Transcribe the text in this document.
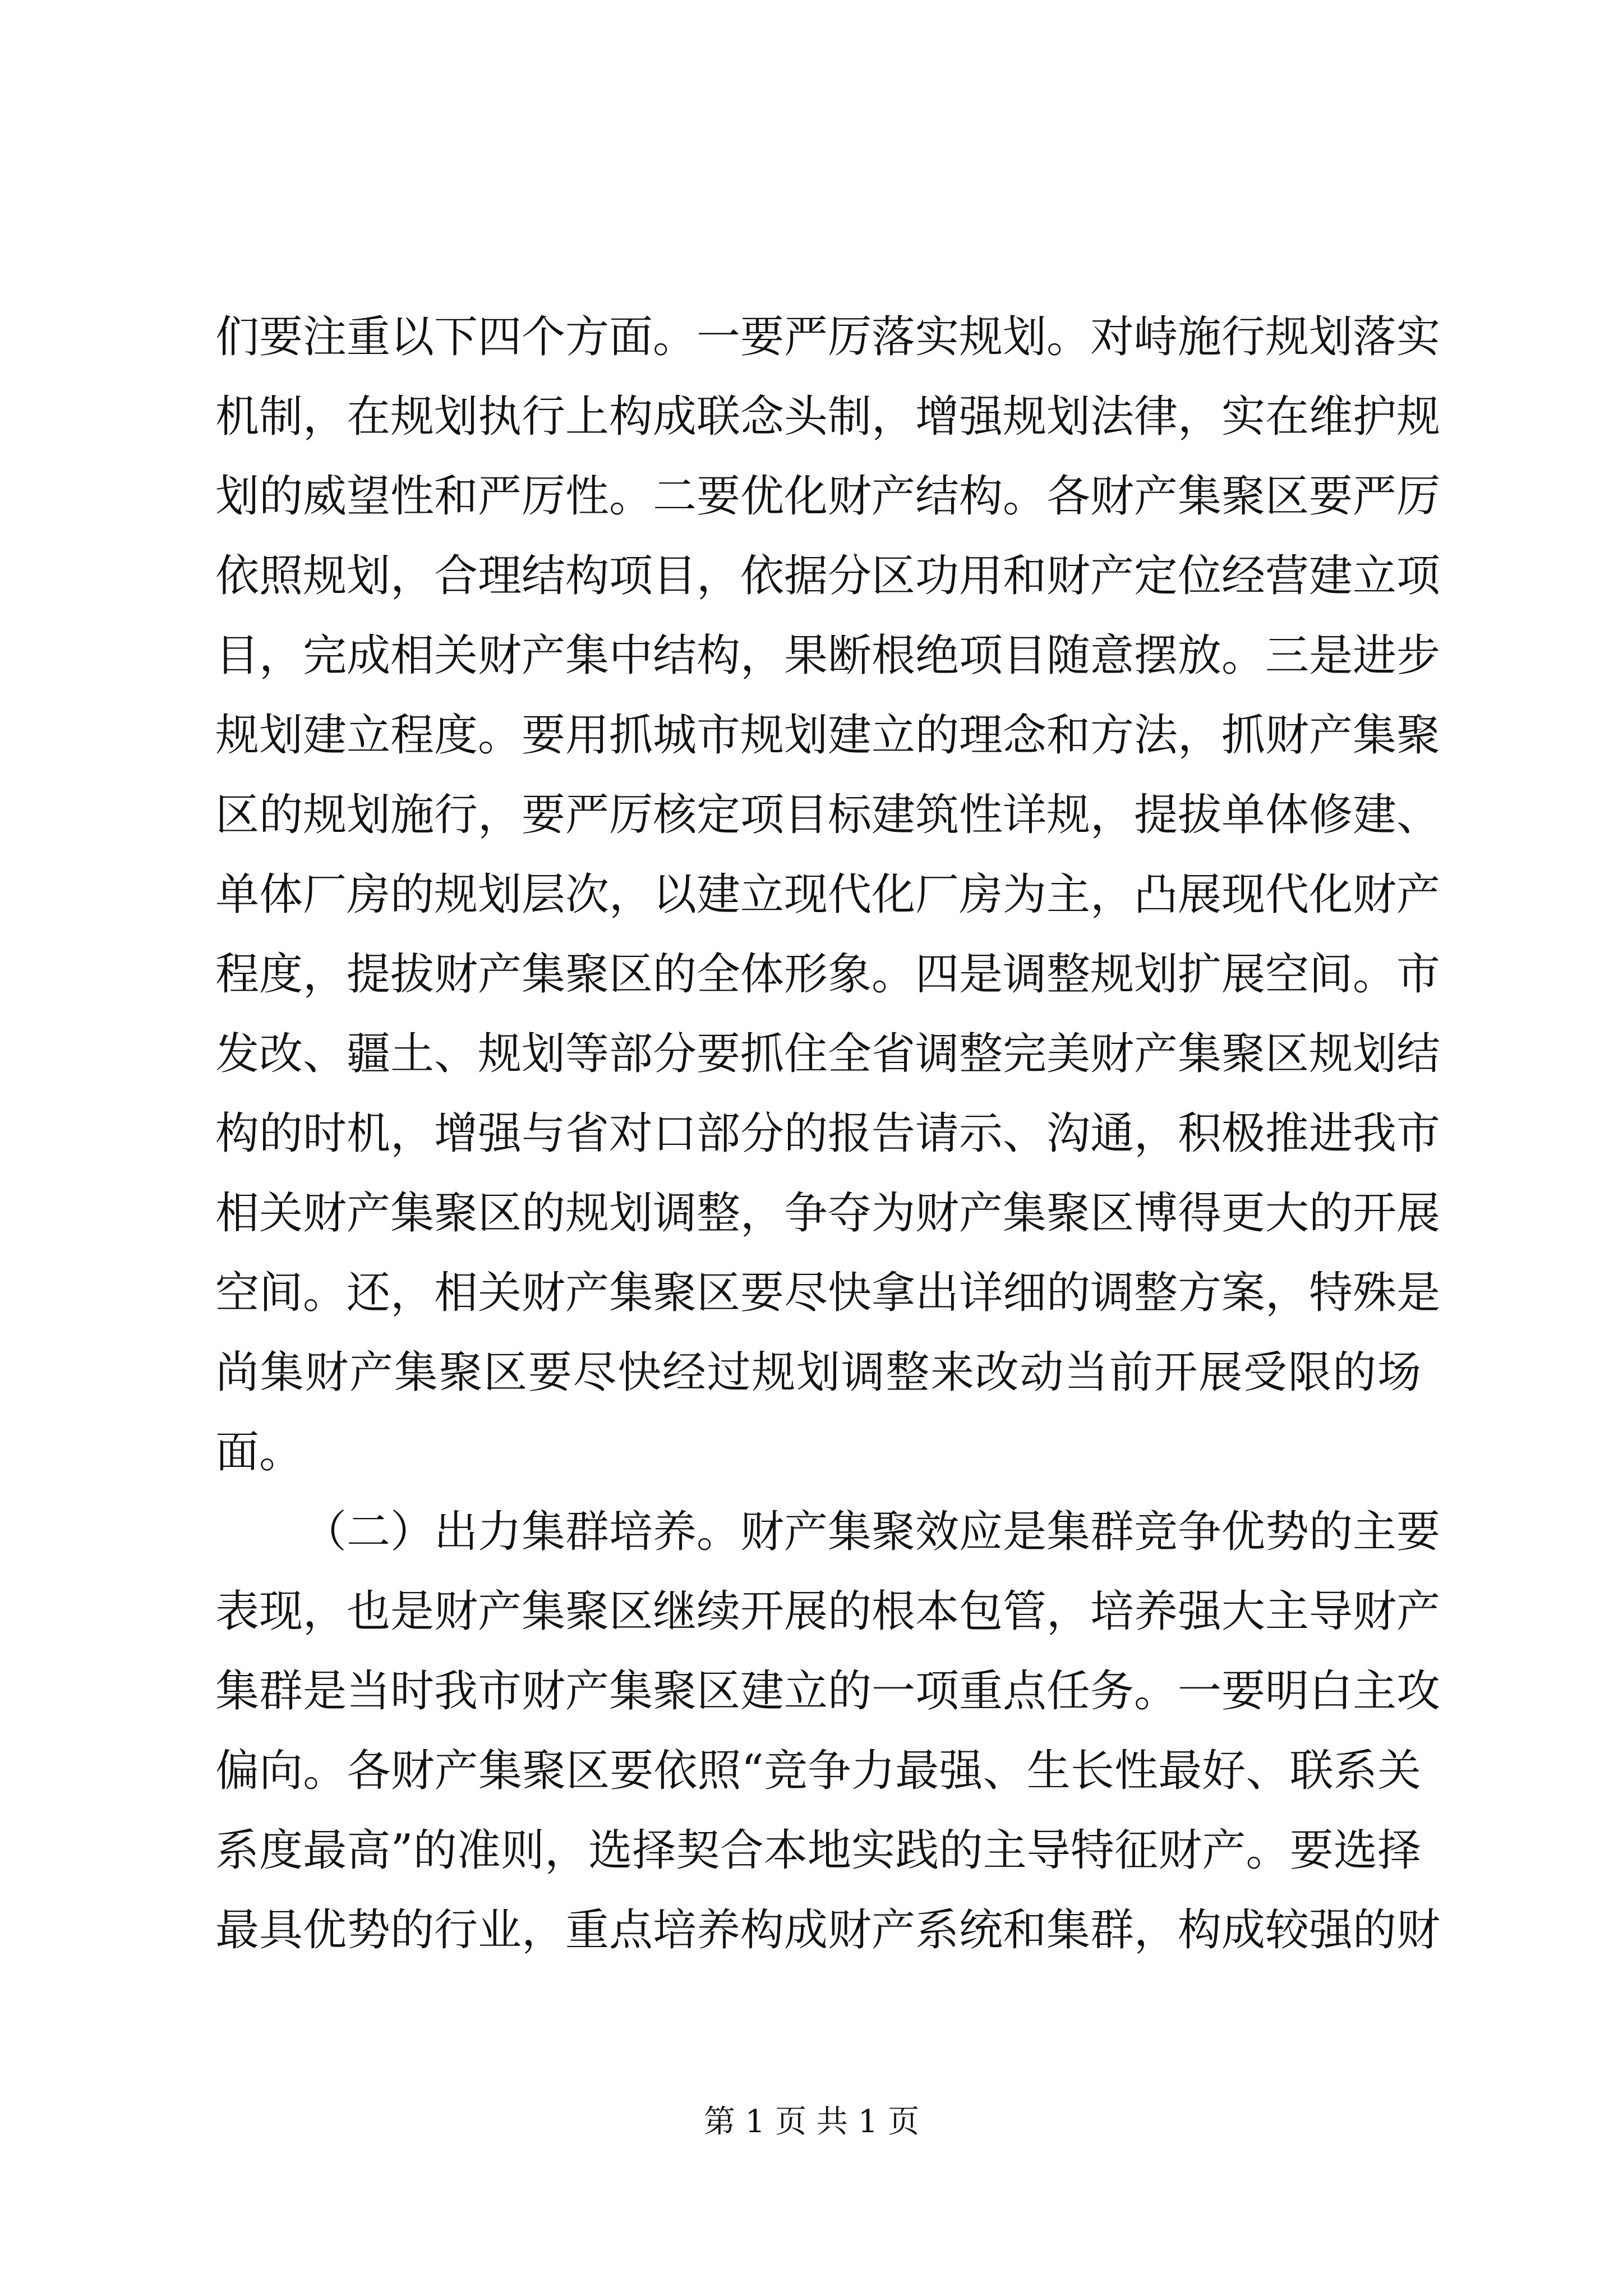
们要注重以下四个方面。一要严厉落实规划。对峙施行规划落实
机制，在规划执行上构成联念头制，增强规划法律，实在维护规
划的威望性和严厉性。二要优化财产结构。各财产集聚区要严厉
依照规划，合理结构项目，依据分区功用和财产定位经营建立项
目，完成相关财产集中结构，果断根绝项目随意摆放。三是进步
规划建立程度。要用抓城市规划建立的理念和方法，抓财产集聚
区的规划施行，要严厉核定项目标建筑性详规，提拔单体修建、
单体厂房的规划层次，以建立现代化厂房为主，凸展现代化财产
程度，提拔财产集聚区的全体形象。四是调整规划扩展空间。市
发改、疆土、规划等部分要抓住全省调整完美财产集聚区规划结
构的时机，增强与省对口部分的报告请示、沟通，积极推进我市
相关财产集聚区的规划调整，争夺为财产集聚区博得更大的开展
空间。还，相关财产集聚区要尽快拿出详细的调整方案，特殊是
尚集财产集聚区要尽快经过规划调整来改动当前开展受限的场
面。
（二）出力集群培养。财产集聚效应是集群竞争优势的主要
表现，也是财产集聚区继续开展的根本包管，培养强大主导财产
集群是当时我市财产集聚区建立的一项重点任务。一要明白主攻
偏向。各财产集聚区要依照“竞争力最强、生长性最好、联系关
系度最高”的准则，选择契合本地实践的主导特征财产。要选择
最具优势的行业，重点培养构成财产系统和集群，构成较强的财
第 1 页 共 1 页
